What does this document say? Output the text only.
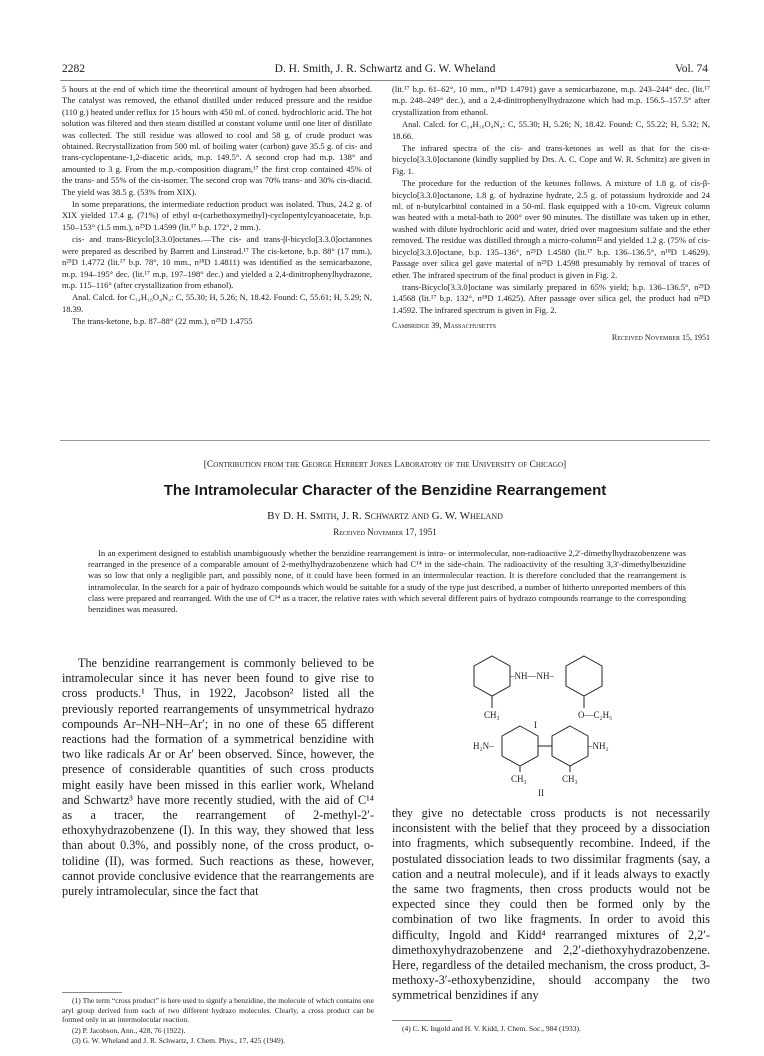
2282	D. H. Smith, J. R. Schwartz and G. W. Wheland	Vol. 74

5 hours at the end of which time the theoretical amount of hydrogen had been absorbed. The catalyst was removed, the ethanol distilled under reduced pressure and the residue (110 g.) heated under reflux for 15 hours with 450 ml. of concd. hydrochloric acid. The hot solution was filtered and then steam distilled at constant volume until one liter of distillate was collected. The still residue was allowed to cool and 58 g. of crude product was obtained. Recrystallization from 500 ml. of boiling water (carbon) gave 35.5 g. of cis- and trans-cyclopentane-1,2-diacetic acids, m.p. 149.5°. A second crop had m.p. 138° and amounted to 3 g. From the m.p.-composition diagram,¹⁷ the first crop contained 45% of the trans- and 55% of the cis-isomer. The second crop was 70% trans- and 30% cis-diacid. The yield was 38.5 g. (53% from XIX).

In some preparations, the intermediate reduction product was isolated. Thus, 24.2 g. of XIX yielded 17.4 g. (71%) of ethyl α-(carbethoxymethyl)-cyclopentylcyanoacetate, b.p. 150–153° (1.5 mm.), n²⁵D 1.4599 (lit.¹⁷ b.p. 172°, 2 mm.).

cis- and trans-Bicyclo[3.3.0]octanes.—The cis- and trans-β-bicyclo[3.3.0]octanones were prepared as described by Barrett and Linstead.¹⁷ The cis-ketone, b.p. 88° (17 mm.), n²⁵D 1.4772 (lit.¹⁷ b.p. 78°, 10 mm., n¹⁸D 1.4811) was identified as the semicarbazone, m.p. 194–195° dec. (lit.¹⁷ m.p. 197–198° dec.) and yielded a 2,4-dinitrophenylhydrazone, m.p. 115–116° (after crystallization from ethanol).

Anal. Calcd. for C₁₄H₁₆O₄N₄: C, 55.30; H, 5.26; N, 18.42. Found: C, 55.61; H, 5.29; N, 18.39.

The trans-ketone, b.p. 87–88° (22 mm.), n²⁵D 1.4755

(lit.¹⁷ b.p. 61–62°, 10 mm., n¹⁸D 1.4791) gave a semicarbazone, m.p. 243–244° dec. (lit.¹⁷ m.p. 248–249° dec.), and a 2,4-dinitrophenylhydrazone which had m.p. 156.5–157.5° after crystallization from ethanol.

Anal. Calcd. for C₁₄H₁₆O₄N₄: C, 55.30; H, 5.26; N, 18.42. Found: C, 55.22; H, 5.32; N, 18.66.

The infrared spectra of the cis- and trans-ketones as well as that for the cis-α-bicyclo[3.3.0]octanone (kindly supplied by Drs. A. C. Cope and W. R. Schmitz) are given in Fig. 1.

The procedure for the reduction of the ketones follows. A mixture of 1.8 g. of cis-β-bicyclo[3.3.0]octanone, 1.8 g. of hydrazine hydrate, 2.5 g. of potassium hydroxide and 24 ml. of n-butylcarbitol contained in a 50-ml. flask equipped with a 10-cm. Vigreux column was heated with a metal-bath to 200° over 90 minutes. The distillate was taken up in ether, washed with dilute hydrochloric acid and water, dried over magnesium sulfate and the ether removed. The residue was distilled through a micro-column²² and yielded 1.2 g. (75% of cis-bicyclo[3.3.0]octane, b.p. 135–136°, n²⁵D 1.4580 (lit.¹⁷ b.p. 136–136.5°, n¹⁸D 1.4629). Passage over silica gel gave material of n²⁵D 1.4598 presumably by removal of traces of ether. The infrared spectrum of the final product is given in Fig. 2.

trans-Bicyclo[3.3.0]octane was similarly prepared in 65% yield; b.p. 136–136.5°, n²⁵D 1.4568 (lit.¹⁷ b.p. 132°, n¹⁸D 1.4625). After passage over silica gel, the product had n²⁵D 1.4592. The infrared spectrum is given in Fig. 2.

Cambridge 39, Massachusetts
Received November 15, 1951
[Contribution from the George Herbert Jones Laboratory of the University of Chicago]
The Intramolecular Character of the Benzidine Rearrangement
By D. H. Smith, J. R. Schwartz and G. W. Wheland
Received November 17, 1951

In an experiment designed to establish unambiguously whether the benzidine rearrangement is intra- or intermolecular, non-radioactive 2,2′-dimethylhydrazobenzene was rearranged in the presence of a comparable amount of 2-methylhydrazobenzene which had C¹⁴ in the side-chain. The radioactivity of the resulting 3,3′-dimethylbenzidine was so low that only a negligible part, and possibly none, of it could have been formed in an intermolecular reaction. It is therefore concluded that the rearrangement is intramolecular. In the search for a pair of hydrazo compounds which would be suitable for a study of the type just described, a number of hitherto unreported members of this class were prepared and rearranged. With the use of C¹⁴ as a tracer, the relative rates with which several different pairs of hydrazo compounds rearrange to the corresponding benzidines was measured.

The benzidine rearrangement is commonly believed to be intramolecular since it has never been found to give rise to cross products.¹ Thus, in 1922, Jacobson² listed all the previously reported rearrangements of unsymmetrical hydrazo compounds Ar–NH–NH–Ar′; in no one of these 65 different reactions had the formation of a symmetrical benzidine with two like radicals Ar or Ar′ been observed. Since, however, the presence of considerable quantities of such cross products might easily have been missed in this earlier work, Wheland and Schwartz³ have more recently studied, with the aid of C¹⁴ as a tracer, the rearrangement of 2-methyl-2′-ethoxyhydrazobenzene (I). In this way, they showed that less than about 0.3%, and possibly none, of the cross product, o-tolidine (II), was formed. Such reactions as these, however, cannot provide conclusive evidence that the rearrangements are purely intramolecular, since the fact that

(1) The term “cross product” is here used to signify a benzidine, the molecule of which contains one aryl group derived from each of two different hydrazo molecules. Clearly, a cross product can be formed only in an intermolecular reaction.

(2) P. Jacobson, Ann., 428, 76 (1922).

(3) G. W. Wheland and J. R. Schwartz, J. Chem. Phys., 17, 425 (1949).

–NH—NH–
CH₃	O—C₂H₅
I
H₂N–	–NH₂
CH₃	CH₃
II

they give no detectable cross products is not necessarily inconsistent with the belief that they proceed by a dissociation into fragments, which subsequently recombine. Indeed, if the postulated dissociation leads to two dissimilar fragments (say, a cation and a neutral molecule), and if it leads always to exactly the same two fragments, then cross products would not be expected since they could then be formed only by the combination of two like fragments. In order to avoid this difficulty, Ingold and Kidd⁴ rearranged mixtures of 2,2′-dimethoxyhydrazobenzene and 2,2′-diethoxyhydrazobenzene. Here, regardless of the detailed mechanism, the cross product, 3-methoxy-3′-ethoxybenzidine, should accompany the two symmetrical benzidines if any

(4) C. K. Ingold and H. V. Kidd, J. Chem. Soc., 984 (1933).
